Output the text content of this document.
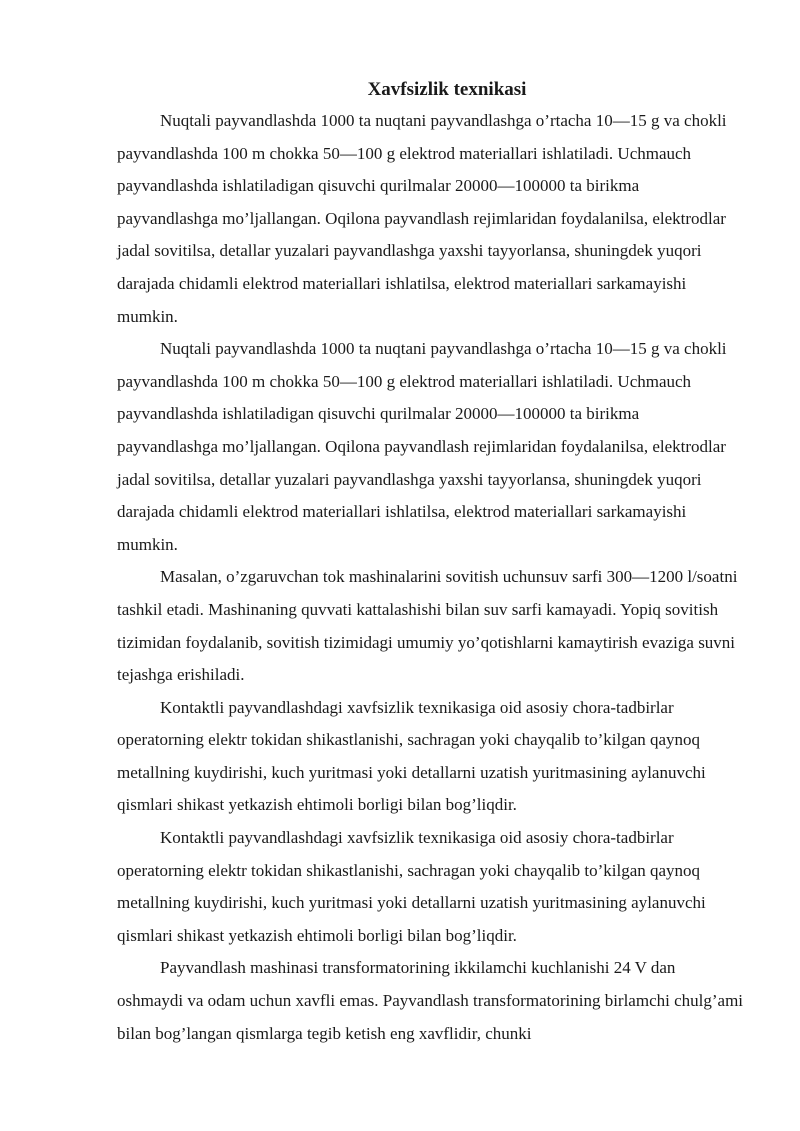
Xavfsizlik texnikasi

Nuqtali payvandlashda 1000 ta nuqtani payvandlashga o’rtacha 10—15 g va chokli payvandlashda 100 m chokka 50—100 g elektrod materiallari ishlatiladi. Uchmauch payvandlashda ishlatiladigan qisuvchi qurilmalar 20000—100000 ta birikma payvandlashga mo’ljallangan. Oqilona payvandlash rejimlaridan foydalanilsa, elektrodlar jadal sovitilsa, detallar yuzalari payvandlashga yaxshi tayyorlansa, shuningdek yuqori darajada chidamli elektrod materiallari ishlatilsa, elektrod materiallari sarkamayishi mumkin.

Nuqtali payvandlashda 1000 ta nuqtani payvandlashga o’rtacha 10—15 g va chokli payvandlashda 100 m chokka 50—100 g elektrod materiallari ishlatiladi. Uchmauch payvandlashda ishlatiladigan qisuvchi qurilmalar 20000—100000 ta birikma payvandlashga mo’ljallangan. Oqilona payvandlash rejimlaridan foydalanilsa, elektrodlar jadal sovitilsa, detallar yuzalari payvandlashga yaxshi tayyorlansa, shuningdek yuqori darajada chidamli elektrod materiallari ishlatilsa, elektrod materiallari sarkamayishi mumkin.

Masalan, o’zgaruvchan tok mashinalarini sovitish uchunsuv sarfi 300—1200 l/soatni tashkil etadi. Mashinaning quvvati kattalashishi bilan suv sarfi kamayadi. Yopiq sovitish tizimidan foydalanib, sovitish tizimidagi umumiy yo’qotishlarni kamaytirish evaziga suvni tejashga erishiladi.

Kontaktli payvandlashdagi xavfsizlik texnikasiga oid asosiy chora-tadbirlar operatorning elektr tokidan shikastlanishi, sachragan yoki chayqalib to’kilgan qaynoq metallning kuydirishi, kuch yuritmasi yoki detallarni uzatish yuritmasining aylanuvchi qismlari shikast yetkazish ehtimoli borligi bilan bog’liqdir.

Kontaktli payvandlashdagi xavfsizlik texnikasiga oid asosiy chora-tadbirlar operatorning elektr tokidan shikastlanishi, sachragan yoki chayqalib to’kilgan qaynoq metallning kuydirishi, kuch yuritmasi yoki detallarni uzatish yuritmasining aylanuvchi qismlari shikast yetkazish ehtimoli borligi bilan bog’liqdir.

Payvandlash mashinasi transformatorining ikkilamchi kuchlanishi 24 V dan oshmaydi va odam uchun xavfli emas. Payvandlash transformatorining birlamchi chulg’ami bilan bog’langan qismlarga tegib ketish eng xavflidir, chunki
